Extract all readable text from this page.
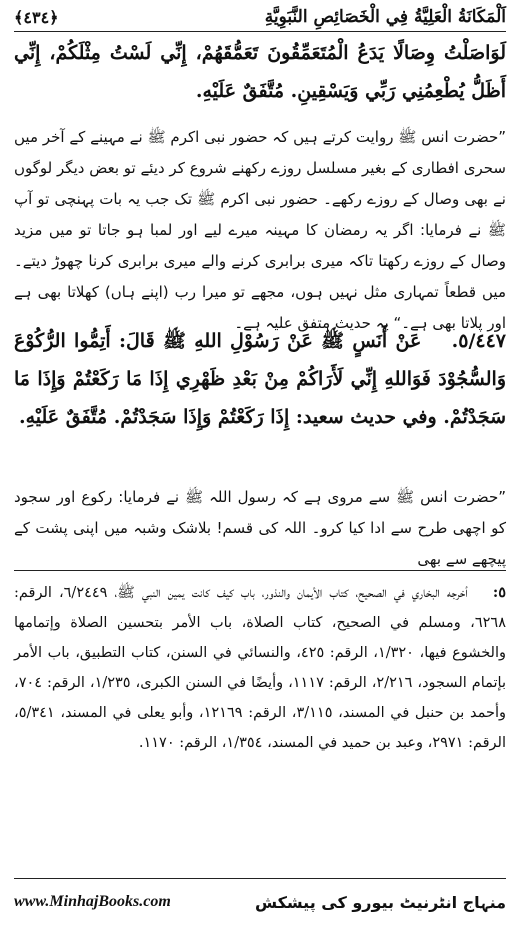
اَلْمَكَانَةُ الْعَلِيَّةُ فِي الْخَصَائِصِ النَّبَوِيَّةِ
﴿٤٣٤﴾
لَوَاصَلْتُ وِصَالًا يَدَعُ الْمُتَعَمِّقُونَ تَعَمُّقَهُمْ، إِنِّي لَسْتُ مِثْلَكُمْ، إِنِّي أَظَلُّ يُطْعِمُنِي رَبِّي وَيَسْقِينِ. مُتَّفَقٌ عَلَيْهِ.
”حضرت انس ﷺ روایت کرتے ہیں کہ حضور نبی اکرم ﷺ نے مہینے کے آخر میں سحری افطاری کے بغیر مسلسل روزے رکھنے شروع کر دیئے تو بعض دیگر لوگوں نے بھی وصال کے روزے رکھے۔ حضور نبی اکرم ﷺ تک جب یہ بات پہنچی تو آپ ﷺ نے فرمایا: اگر یہ رمضان کا مہینہ میرے لیے اور لمبا ہو جاتا تو میں مزید وصال کے روزے رکھتا تاکہ میری برابری کرنے والے میری برابری کرنا چھوڑ دیتے۔ میں قطعاً تمہاری مثل نہیں ہوں، مجھے تو میرا رب (اپنے ہاں) کھلاتا بھی ہے اور پلاتا بھی ہے۔“ یہ حدیث متفق علیہ ہے۔
٥/٤٤٧. عَنْ أَنَسٍ ﷺ عَنْ رَسُوْلِ اللهِ ﷺ قَالَ: أَتِمُّوا الرُّكُوْعَ وَالسُّجُوْدَ فَوَاللهِ إِنِّي لَأَرَاكُمْ مِنْ بَعْدِ ظَهْرِي إِذَا مَا رَكَعْتُمْ وَإِذَا مَا سَجَدْتُمْ. وفي حديث سعيد: إِذَا رَكَعْتُمْ وَإِذَا سَجَدْتُمْ. مُتَّفَقٌ عَلَيْهِ.
”حضرت انس ﷺ سے مروی ہے کہ رسول اللہ ﷺ نے فرمایا: رکوع اور سجود کو اچھی طرح سے ادا کیا کرو۔ اللہ کی قسم! بلاشک وشبہ میں اپنی پشت کے پیچھے سے بھی
٥: أخرجه البخاري في الصحيح، كتاب الأيمان والنذور، باب كيف كانت يمين النبي ﷺ، ٦/٢٤٤٩، الرقم: ٦٢٦٨، ومسلم في الصحيح، كتاب الصلاة، باب الأمر بتحسين الصلاة وإتمامها والخشوع فيها، ١/٣٢٠، الرقم: ٤٢٥، والنسائي في السنن، كتاب التطبيق، باب الأمر بإتمام السجود، ٢/٢١٦، الرقم: ١١١٧، وأيضًا في السنن الكبرى، ١/٢٣٥، الرقم: ٧٠٤، وأحمد بن حنبل في المسند، ٣/١١٥، الرقم: ١٢١٦٩، وأبو يعلى في المسند، ٥/٣٤١، الرقم: ٢٩٧١، وعبد بن حميد في المسند، ١/٣٥٤، الرقم: ١١٧٠.
منہاج انٹرنیٹ بیورو کی پیشکش
www.MinhajBooks.com
